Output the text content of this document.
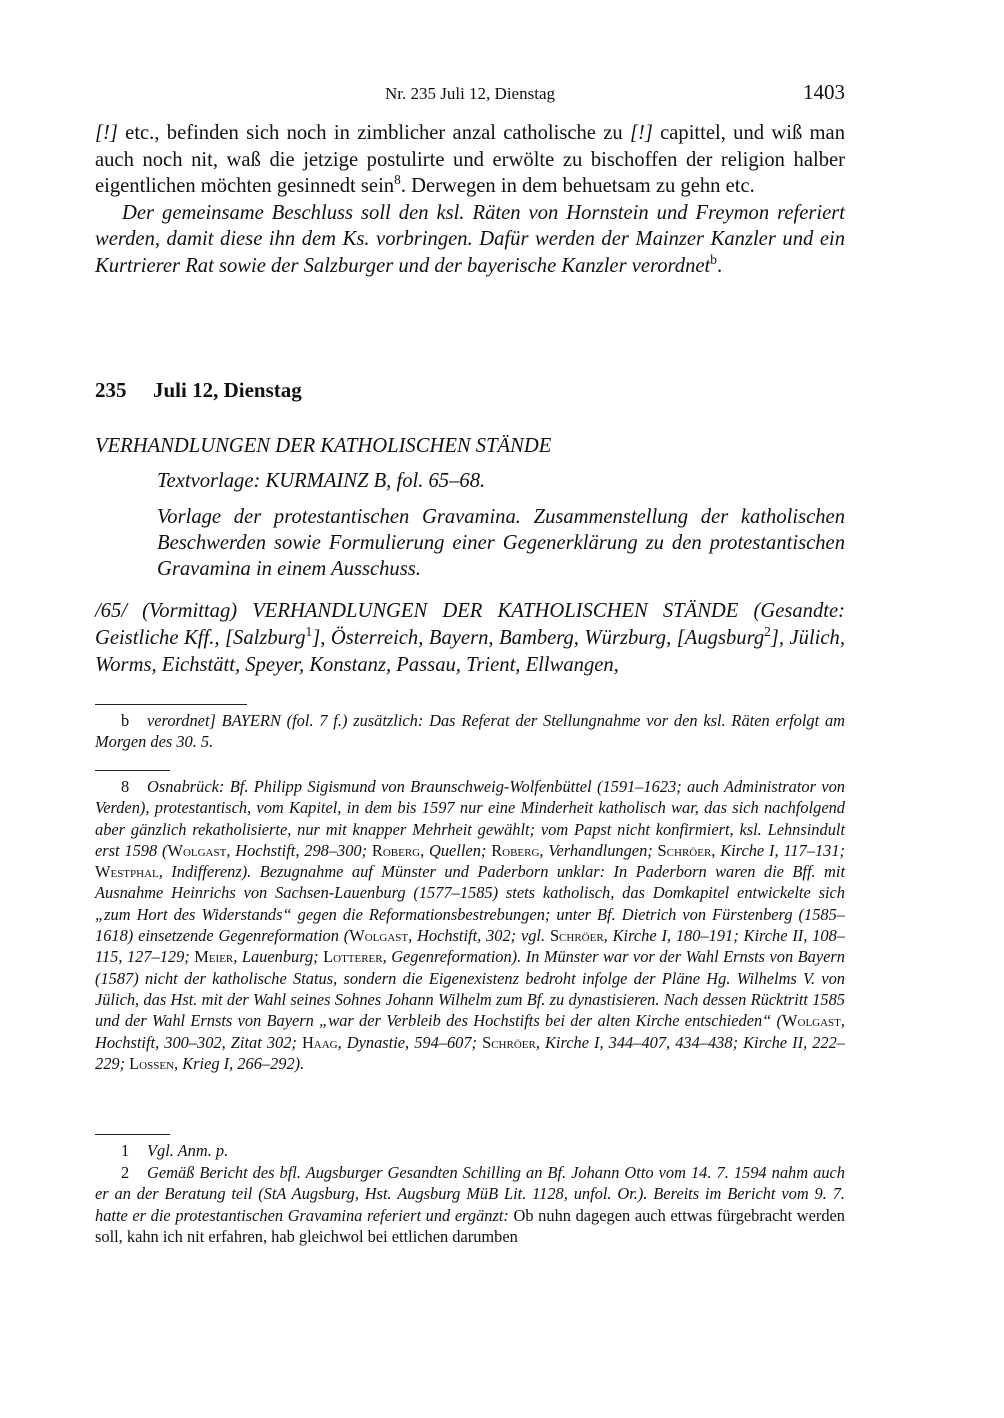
Nr. 235 Juli 12, Dienstag	1403

[!] etc., befinden sich noch in zimblicher anzal catholische zu [!] capittel, und wiß man auch noch nit, waß die jetzige postulirte und erwölte zu bischoffen der religion halber eigentlichen möchten gesinnedt sein$^8$. Derwegen in dem behuetsam zu gehn etc.

Der gemeinsame Beschluss soll den ksl. Räten von Hornstein und Freymon referiert werden, damit diese ihn dem Ks. vorbringen. Dafür werden der Mainzer Kanzler und ein Kurtrierer Rat sowie der Salzburger und der bayerische Kanzler verordnet$^b$.

235 Juli 12, Dienstag
VERHANDLUNGEN DER KATHOLISCHEN STÄNDE

Textvorlage: KURMAINZ B, fol. 65–68.

Vorlage der protestantischen Gravamina. Zusammenstellung der katholischen Beschwerden sowie Formulierung einer Gegenerklärung zu den protestantischen Gravamina in einem Ausschuss.

/65/ (Vormittag) VERHANDLUNGEN DER KATHOLISCHEN STÄNDE (Gesandte: Geistliche Kff., [Salzburg$^1$], Österreich, Bayern, Bamberg, Würzburg, [Augsburg$^2$], Jülich, Worms, Eichstätt, Speyer, Konstanz, Passau, Trient, Ellwangen,
b verordnet] BAYERN (fol. 7 f.) zusätzlich: Das Referat der Stellungnahme vor den ksl. Räten erfolgt am Morgen des 30. 5.
8 Osnabrück: Bf. Philipp Sigismund von Braunschweig-Wolfenbüttel (1591–1623; auch Administrator von Verden), protestantisch, vom Kapitel, in dem bis 1597 nur eine Minderheit katholisch war, das sich nachfolgend aber gänzlich rekatholisierte, nur mit knapper Mehrheit gewählt; vom Papst nicht konfirmiert, ksl. Lehnsindult erst 1598 (Wolgast, Hochstift, 298–300; Roberg, Quellen; Roberg, Verhandlungen; Schröer, Kirche I, 117–131; Westphal, Indifferenz). Bezugnahme auf Münster und Paderborn unklar: In Paderborn waren die Bff. mit Ausnahme Heinrichs von Sachsen-Lauenburg (1577–1585) stets katholisch, das Domkapitel entwickelte sich „zum Hort des Widerstands“ gegen die Reformationsbestrebungen; unter Bf. Dietrich von Fürstenberg (1585–1618) einsetzende Gegenreformation (Wolgast, Hochstift, 302; vgl. Schröer, Kirche I, 180–191; Kirche II, 108–115, 127–129; Meier, Lauenburg; Lotterer, Gegenreformation). In Münster war vor der Wahl Ernsts von Bayern (1587) nicht der katholische Status, sondern die Eigenexistenz bedroht infolge der Pläne Hg. Wilhelms V. von Jülich, das Hst. mit der Wahl seines Sohnes Johann Wilhelm zum Bf. zu dynastisieren. Nach dessen Rücktritt 1585 und der Wahl Ernsts von Bayern „war der Verbleib des Hochstifts bei der alten Kirche entschieden“ (Wolgast, Hochstift, 300–302, Zitat 302; Haag, Dynastie, 594–607; Schröer, Kirche I, 344–407, 434–438; Kirche II, 222–229; Lossen, Krieg I, 266–292).
1 Vgl. Anm. p.
2 Gemäß Bericht des bfl. Augsburger Gesandten Schilling an Bf. Johann Otto vom 14. 7. 1594 nahm auch er an der Beratung teil (StA Augsburg, Hst. Augsburg MüB Lit. 1128, unfol. Or.). Bereits im Bericht vom 9. 7. hatte er die protestantischen Gravamina referiert und ergänzt: Ob nuhn dagegen auch ettwas fürgebracht werden soll, kahn ich nit erfahren, hab gleichwol bei ettlichen darumben
